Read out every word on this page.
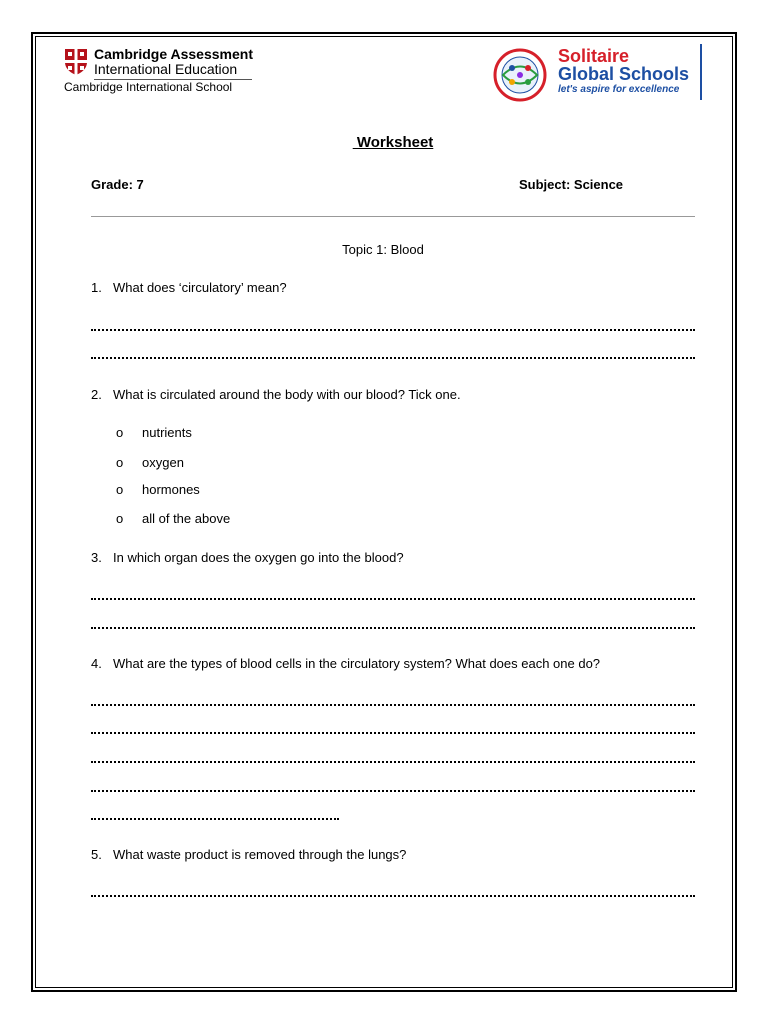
Cambridge Assessment
International Education
Cambridge International School
Solitaire
Global Schools
let's aspire for excellence
Worksheet
Grade: 7	Subject: Science
Topic 1: Blood
1. What does ‘circulatory’ mean?
2. What is circulated around the body with our blood? Tick one.
o nutrients
o oxygen
o hormones
o all of the above
3. In which organ does the oxygen go into the blood?
4. What are the types of blood cells in the circulatory system? What does each one do?
5. What waste product is removed through the lungs?
